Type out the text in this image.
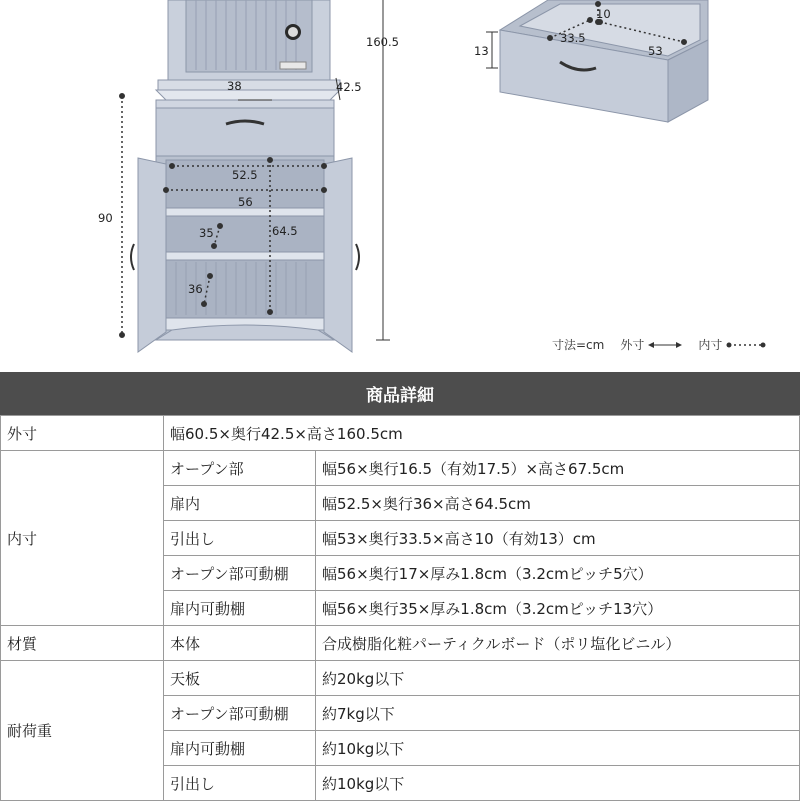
160.5
90
38	42.5
52.5
56
35	64.5
36
13
10
33.5
53
寸法=cm 外寸	内寸
商品詳細
外寸	幅60.5×奥行42.5×高さ160.5cm	
内寸	オープン部	幅56×奥行16.5（有効17.5）×高さ67.5cm
	扉内	幅52.5×奥行36×高さ64.5cm
	引出し	幅53×奥行33.5×高さ10（有効13）cm
	オープン部可動棚	幅56×奥行17×厚み1.8cm（3.2cmピッチ5穴）
	扉内可動棚	幅56×奥行35×厚み1.8cm（3.2cmピッチ13穴）
材質	本体	合成樹脂化粧パーティクルボード（ポリ塩化ビニル）
耐荷重	天板	約20kg以下
	オープン部可動棚	約7kg以下
	扉内可動棚	約10kg以下
	引出し	約10kg以下
